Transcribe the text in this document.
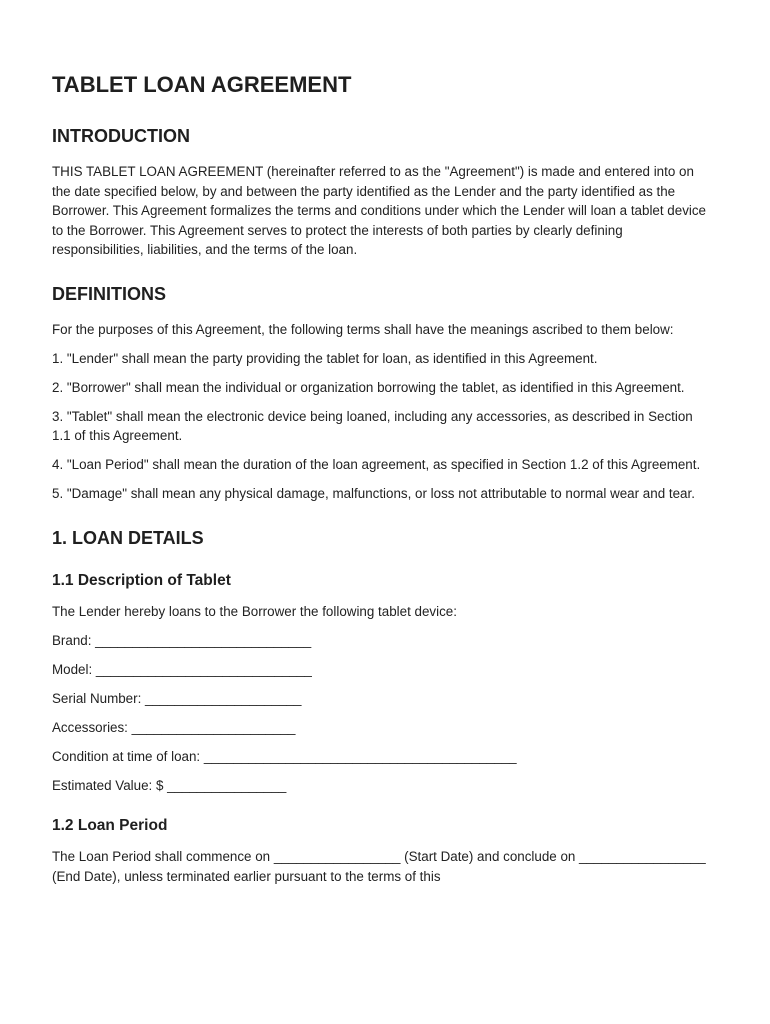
TABLET LOAN AGREEMENT
INTRODUCTION

THIS TABLET LOAN AGREEMENT (hereinafter referred to as the "Agreement") is made and entered into on the date specified below, by and between the party identified as the Lender and the party identified as the Borrower. This Agreement formalizes the terms and conditions under which the Lender will loan a tablet device to the Borrower. This Agreement serves to protect the interests of both parties by clearly defining responsibilities, liabilities, and the terms of the loan.

DEFINITIONS

For the purposes of this Agreement, the following terms shall have the meanings ascribed to them below:

1. "Lender" shall mean the party providing the tablet for loan, as identified in this Agreement.

2. "Borrower" shall mean the individual or organization borrowing the tablet, as identified in this Agreement.

3. "Tablet" shall mean the electronic device being loaned, including any accessories, as described in Section 1.1 of this Agreement.

4. "Loan Period" shall mean the duration of the loan agreement, as specified in Section 1.2 of this Agreement.

5. "Damage" shall mean any physical damage, malfunctions, or loss not attributable to normal wear and tear.

1. LOAN DETAILS
1.1 Description of Tablet

The Lender hereby loans to the Borrower the following tablet device:

Brand: _____________________________

Model: _____________________________

Serial Number: _____________________

Accessories: ______________________

Condition at time of loan: __________________________________________

Estimated Value: $ ________________

1.2 Loan Period

The Loan Period shall commence on _________________ (Start Date) and conclude on _________________ (End Date), unless terminated earlier pursuant to the terms of this
